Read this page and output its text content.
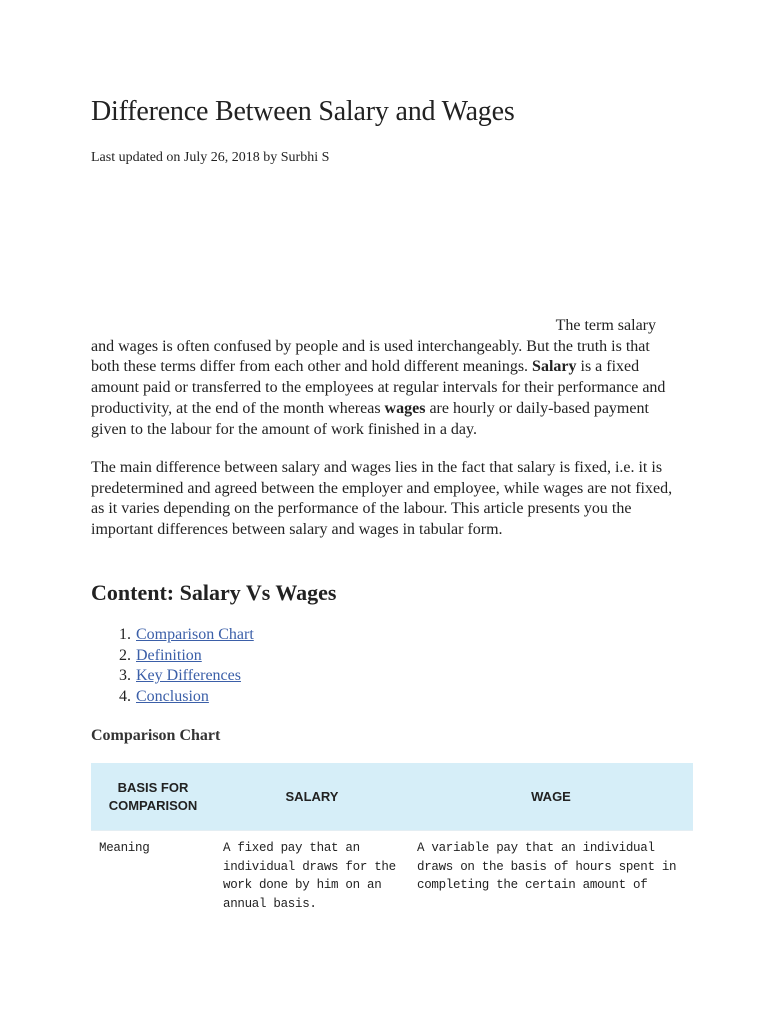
Difference Between Salary and Wages
Last updated on July 26, 2018 by Surbhi S

The term salary
and wages is often confused by people and is used interchangeably. But the truth is that both these terms differ from each other and hold different meanings. Salary is a fixed amount paid or transferred to the employees at regular intervals for their performance and productivity, at the end of the month whereas wages are hourly or daily-based payment given to the labour for the amount of work finished in a day.

The main difference between salary and wages lies in the fact that salary is fixed, i.e. it is predetermined and agreed between the employer and employee, while wages are not fixed, as it varies depending on the performance of the labour. This article presents you the important differences between salary and wages in tabular form.

Content: Salary Vs Wages
1. Comparison Chart
2. Definition
3. Key Differences
4. Conclusion
Comparison Chart
BASIS FOR COMPARISON	SALARY	WAGE
Meaning	A fixed pay that an individual draws for the work done by him on an annual basis.	A variable pay that an individual draws on the basis of hours spent in completing the certain amount of
